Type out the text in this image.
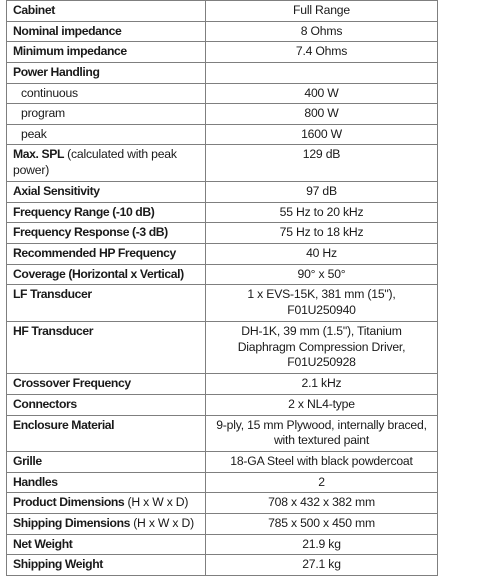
Cabinet	Full Range
Nominal impedance	8 Ohms
Minimum impedance	7.4 Ohms
Power Handling	
continuous	400 W
program	800 W
peak	1600 W
Max. SPL (calculated with peak power)	129 dB
Axial Sensitivity	97 dB
Frequency Range (-10 dB)	55 Hz to 20 kHz
Frequency Response (-3 dB)	75 Hz to 18 kHz
Recommended HP Frequency	40 Hz
Coverage (Horizontal x Vertical)	90° x 50°
LF Transducer	1 x EVS-15K, 381 mm (15"), F01U250940
HF Transducer	DH-1K, 39 mm (1.5"), Titanium Diaphragm Compression Driver, F01U250928
Crossover Frequency	2.1 kHz
Connectors	2 x NL4-type
Enclosure Material	9-ply, 15 mm Plywood, internally braced, with textured paint
Grille	18-GA Steel with black powdercoat
Handles	2
Product Dimensions (H x W x D)	708 x 432 x 382 mm
Shipping Dimensions (H x W x D)	785 x 500 x 450 mm
Net Weight	21.9 kg
Shipping Weight	27.1 kg
